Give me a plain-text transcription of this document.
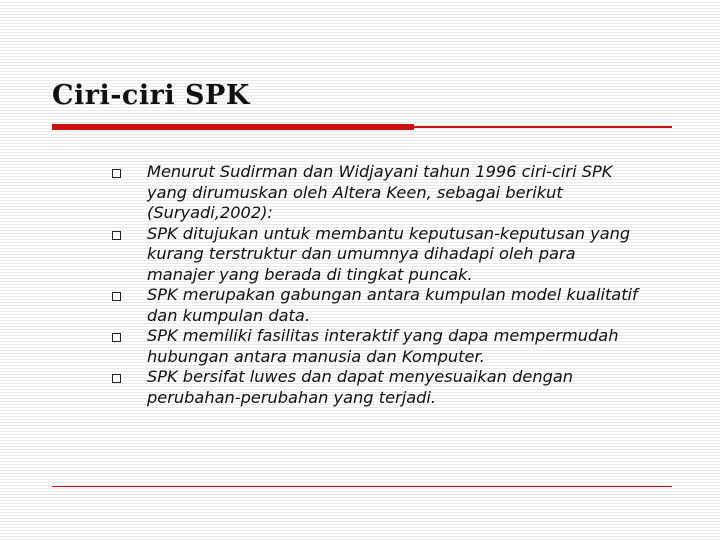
Ciri-ciri SPK
Menurut Sudirman dan Widjayani tahun 1996 ciri-ciri SPK yang dirumuskan oleh Altera Keen, sebagai berikut (Suryadi,2002):
SPK ditujukan untuk membantu keputusan-keputusan yang kurang terstruktur dan umumnya dihadapi oleh para manajer yang berada di tingkat puncak.
SPK merupakan gabungan antara kumpulan model kualitatif dan kumpulan data.
SPK memiliki fasilitas interaktif yang dapa mempermudah hubungan antara manusia dan Komputer.
SPK bersifat luwes dan dapat menyesuaikan dengan perubahan-perubahan yang terjadi.
